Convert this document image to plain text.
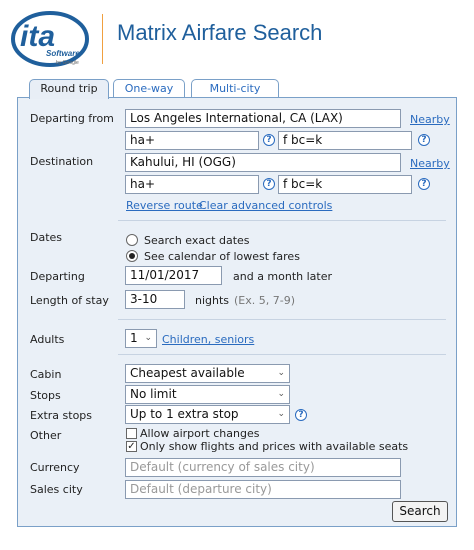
ita
Software
by Google
Matrix Airfare Search
Round trip	One-way	Multi-city
Departing from	Los Angeles International, CA (LAX)	Nearby
ha+	? f bc=k	?
Destination	Kahului, HI (OGG)	Nearby
ha+	? f bc=k	?
Reverse route
Clear advanced controls
Dates	Search exact dates
See calendar of lowest fares
Departing	11/01/2017	and a month later
Length of stay	3-10	nights (Ex. 5, 7-9)
Adults	1 ⌄ Children, seniors
Cabin	Cheapest available	⌄
Stops	No limit	⌄
Extra stops	Up to 1 extra stop	⌄	?
Other	Allow airport changes
✓ Only show flights and prices with available seats
Currency	Default (currency of sales city)
Sales city	Default (departure city)
Search
